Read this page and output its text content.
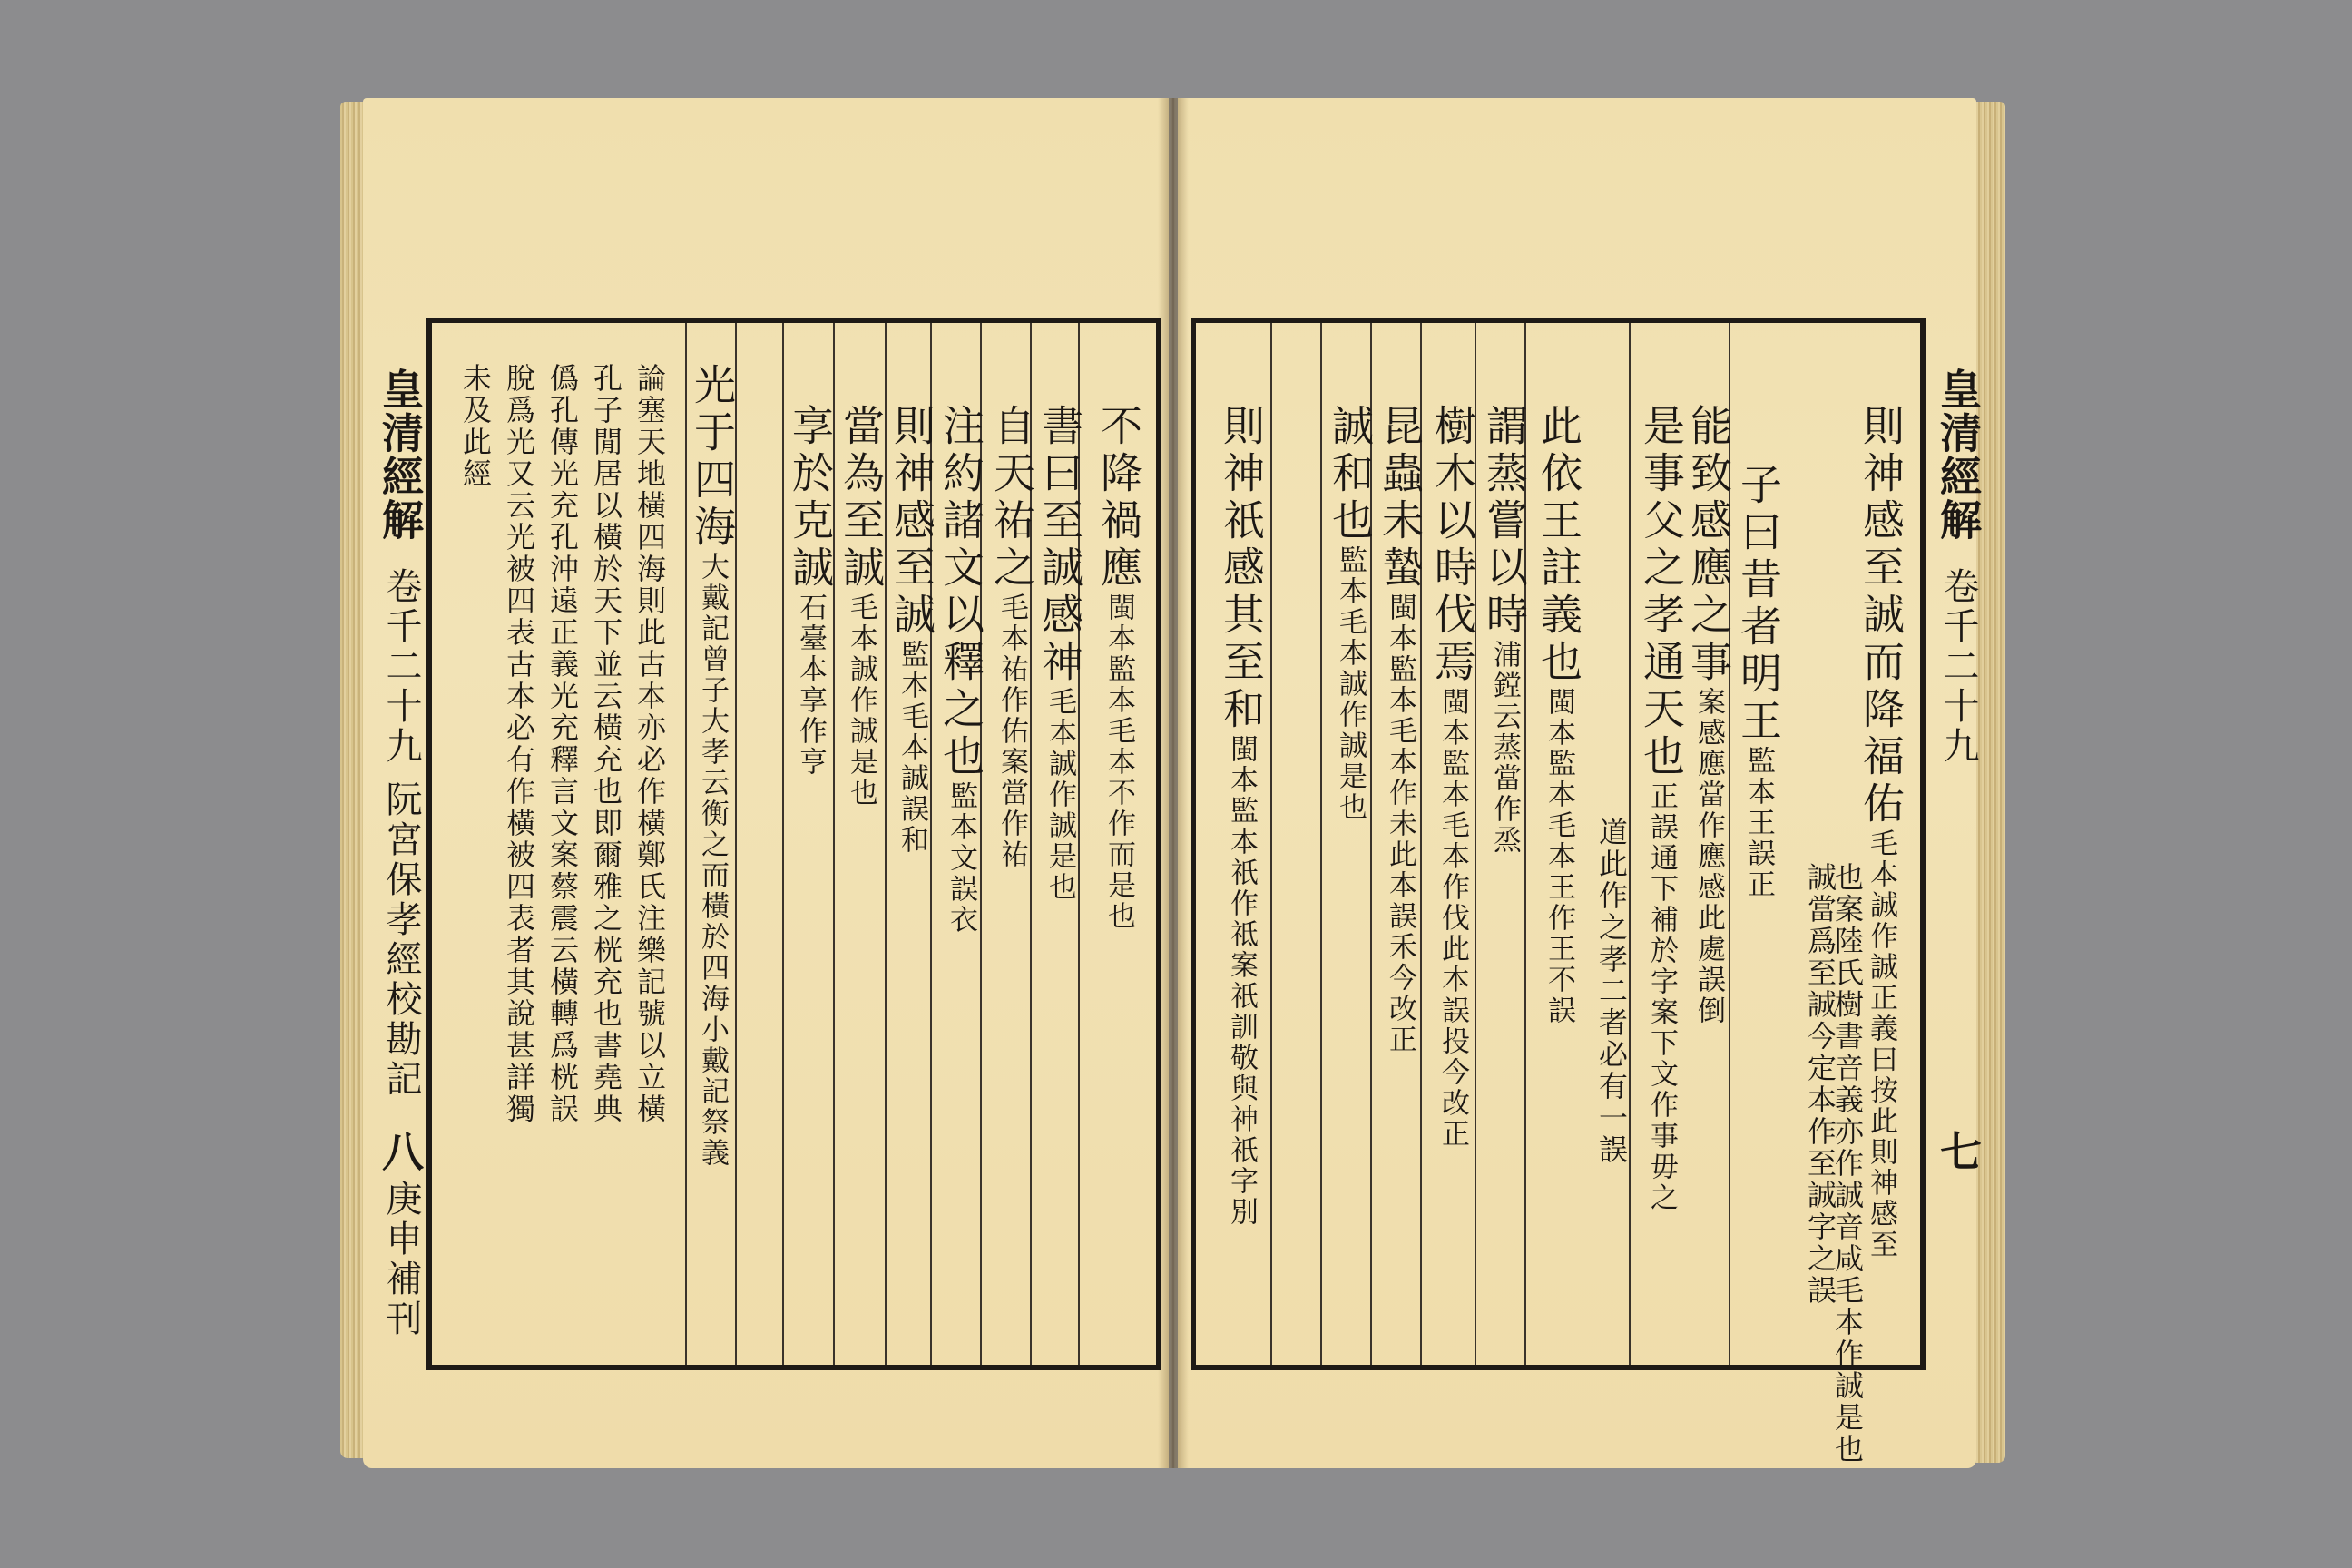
皇清經解
卷千二十九
阮宮保孝經校勘記
八
庚申補刊
不降禍應閩本監本毛本不作而是也
書曰至誠感神毛本誠作誠是也
自天祐之毛本祐作佑案當作祐
注約諸文以釋之也監本文誤衣
則神感至誠監本毛本誠誤和
當為至誠毛本誠作誠是也
享於克誠石臺本享作亨
光于四海大戴記曾子大孝云衡之而橫於四海小戴記祭義
論塞天地橫四海則此古本亦必作橫鄭氏注樂記號以立橫
孔子閒居以橫於天下並云橫充也即爾雅之桄充也書堯典
僞孔傳光充孔沖遠正義光充釋言文案蔡震云橫轉爲桄誤
脫爲光又云光被四表古本必有作橫被四表者其說甚詳獨
未及此經	皇清經解
卷千二十九
七
則神感至誠而降福佑毛本誠作誠正義曰按此則神感至
也案陸氏樹書音義亦作誠音咸毛本作誠是也
誠當爲至誠今定本作至誠字之誤
子曰昔者明王監本王誤正
能致感應之事案感應當作應感此處誤倒
是事父之孝通天也正誤通下補於字案下文作事毋之
道此作之孝二者必有一誤
此依王註義也閩本監本毛本王作王不誤
謂蒸嘗以時浦鏜云蒸當作烝
樹木以時伐焉閩本監本毛本作伐此本誤投今改正
昆蟲未蟄閩本監本毛本作未此本誤禾今改正
誠和也監本毛本誠作誠是也
則神祇感其至和閩本監本祇作祗案祇訓敬與神祇字別
